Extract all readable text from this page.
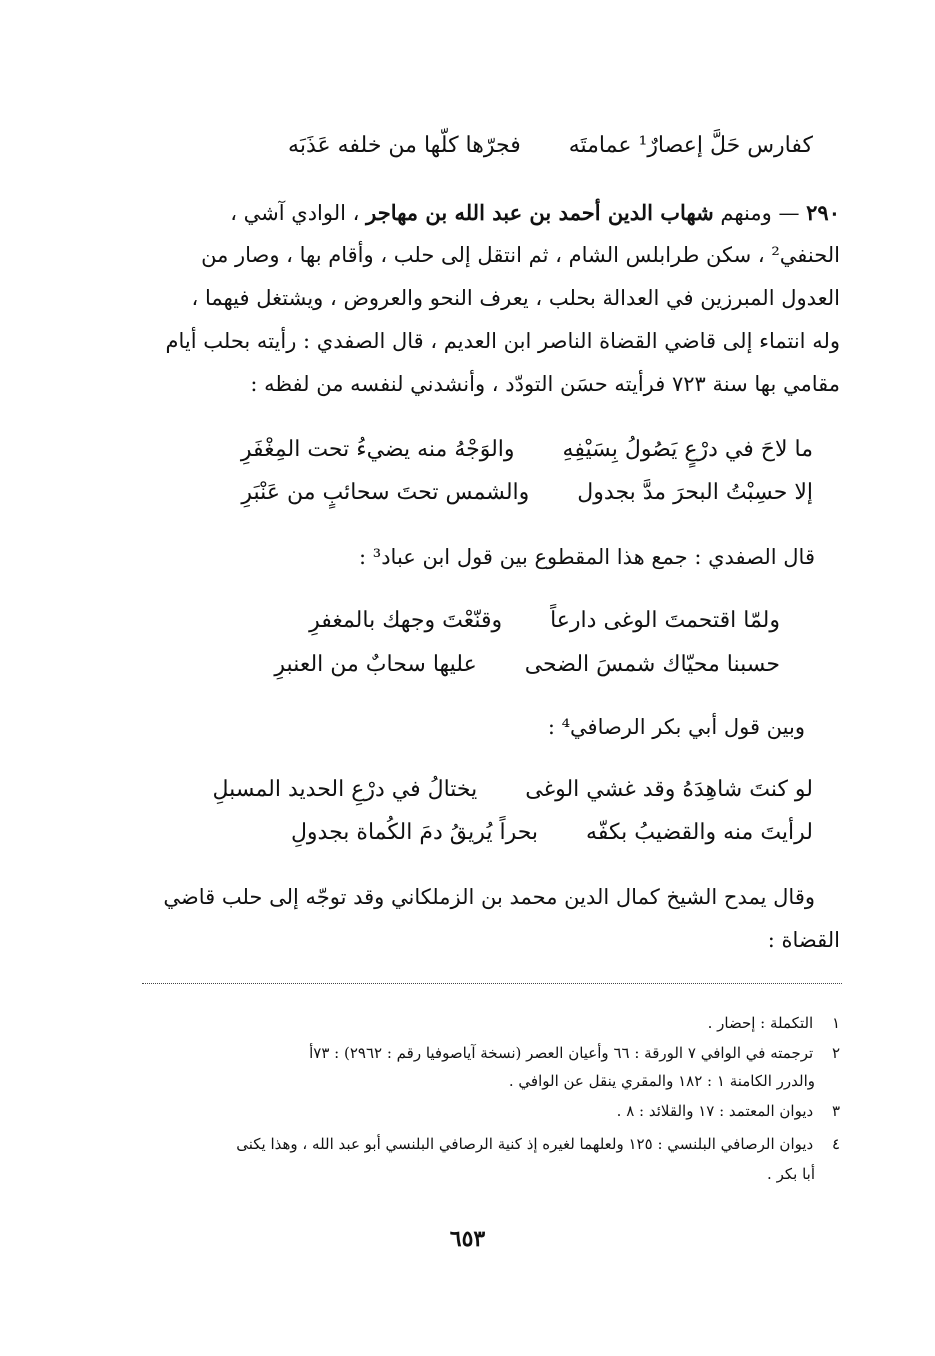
كفارس حَلَّ إعصارٌ¹ عمامتَه
فجرّها كلّها من خلفه عَذَبَه
٢٩٠ — ومنهم شهاب الدين أحمد بن عبد الله بن مهاجر ، الوادي آشي ،
الحنفي² ، سكن طرابلس الشام ، ثم انتقل إلى حلب ، وأقام بها ، وصار من
العدول المبرزين في العدالة بحلب ، يعرف النحو والعروض ، ويشتغل فيهما ،
وله انتماء إلى قاضي القضاة الناصر ابن العديم ، قال الصفدي : رأيته بحلب أيام
مقامي بها سنة ٧٢٣ فرأيته حسَن التودّد ، وأنشدني لنفسه من لفظه :
ما لاحَ في درْعٍ يَصُولُ بِسَيْفِهِ
والوَجْهُ منه يضيءُ تحت المِغْفَرِ
إلا حسِبْتُ البحرَ مدَّ بجدول
والشمس تحتَ سحائبٍ من عَنْبَرِ
قال الصفدي : جمع هذا المقطوع بين قول ابن عباد³ :
ولمّا اقتحمتَ الوغى دارعاً
وقنّعْتَ وجهك بالمغفرِ
حسبنا محيّاك شمسَ الضحى
عليها سحابٌ من العنبرِ
وبين قول أبي بكر الرصافي⁴ :
لو كنتَ شاهِدَهُ وقد غشي الوغى
يختالُ في درْعِ الحديد المسبلِ
لرأيتَ منه والقضيبُ بكفّه
بحراً يُريقُ دمَ الكُماة بجدولِ
وقال يمدح الشيخ كمال الدين محمد بن الزملكاني وقد توجّه إلى حلب قاضي
القضاة :
١ التكملة : إحضار .
٢ ترجمته في الوافي ٧ الورقة : ٦٦ وأعيان العصر (نسخة آياصوفيا رقم : ٢٩٦٢) : ٧٣أ
والدرر الكامنة ١ : ١٨٢ والمقري ينقل عن الوافي .
٣ ديوان المعتمد : ١٧ والقلائد : ٨ .
٤ ديوان الرصافي البلنسي : ١٢٥ ولعلهما لغيره إذ كنية الرصافي البلنسي أبو عبد الله ، وهذا يكنى
أبا بكر .
٦٥٣
